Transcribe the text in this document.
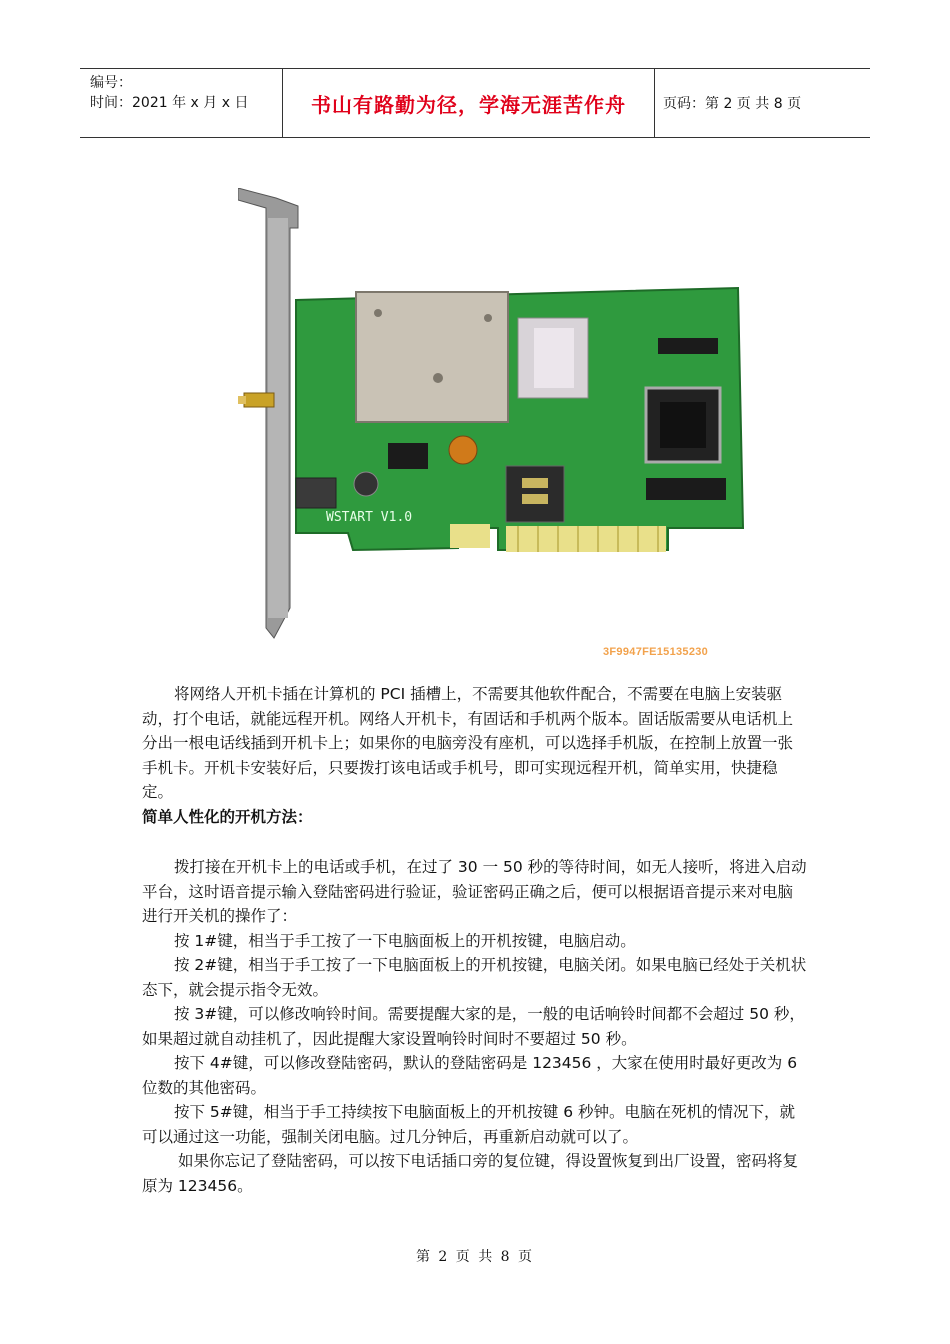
编号：
时间：2021 年 x 月 x 日	书山有路勤为径，学海无涯苦作舟	页码：第 2 页 共 8 页
WSTART V1.0
3F9947FE15135230

将网络人开机卡插在计算机的 PCI 插槽上，不需要其他软件配合，不需要在电脑上安装驱动，打个电话，就能远程开机。网络人开机卡，有固话和手机两个版本。固话版需要从电话机上分出一根电话线插到开机卡上；如果你的电脑旁没有座机，可以选择手机版，在控制上放置一张手机卡。开机卡安装好后，只要拨打该电话或手机号，即可实现远程开机，简单实用，快捷稳定。

简单人性化的开机方法：

拨打接在开机卡上的电话或手机，在过了 30 一 50 秒的等待时间，如无人接听，将进入启动平台，这时语音提示输入登陆密码进行验证，验证密码正确之后，便可以根据语音提示来对电脑进行开关机的操作了：

按 1#键，相当于手工按了一下电脑面板上的开机按键，电脑启动。

按 2#键，相当于手工按了一下电脑面板上的开机按键，电脑关闭。如果电脑已经处于关机状态下，就会提示指令无效。

按 3#键，可以修改响铃时间。需要提醒大家的是，一般的电话响铃时间都不会超过 50 秒，如果超过就自动挂机了，因此提醒大家设置响铃时间时不要超过 50 秒。

按下 4#键，可以修改登陆密码，默认的登陆密码是 123456 ，大家在使用时最好更改为 6 位数的其他密码。

按下 5#键，相当于手工持续按下电脑面板上的开机按键 6 秒钟。电脑在死机的情况下，就可以通过这一功能，强制关闭电脑。过几分钟后，再重新启动就可以了。

如果你忘记了登陆密码，可以按下电话插口旁的复位键，得设置恢复到出厂设置，密码将复原为 123456。

第 2 页 共 8 页
